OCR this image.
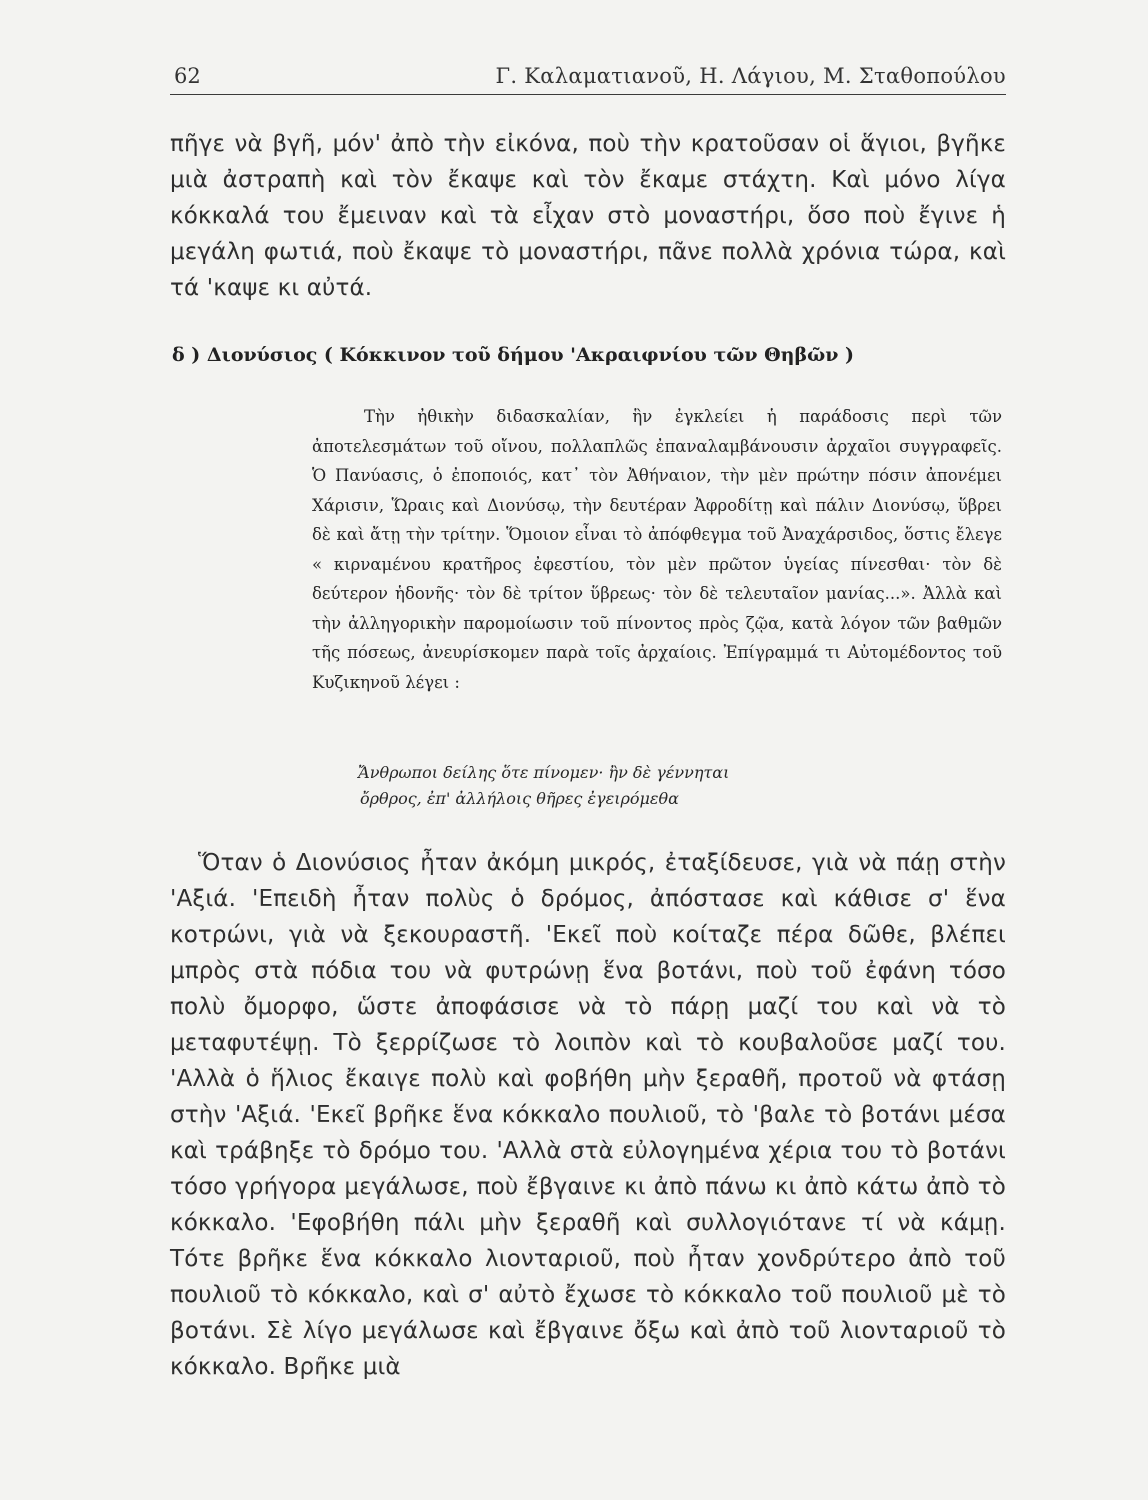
62	Γ. Καλαματιανοῦ, Η. Λάγιου, Μ. Σταθοπούλου

πῆγε νὰ βγῆ, μόν' ἀπὸ τὴν εἰκόνα, ποὺ τὴν κρατοῦσαν οἱ ἅγιοι, βγῆκε μιὰ ἀστραπὴ καὶ τὸν ἔκαψε καὶ τὸν ἔκαμε στάχτη. Καὶ μόνο λίγα κόκκαλά του ἔμειναν καὶ τὰ εἶχαν στὸ μοναστήρι, ὅσο ποὺ ἔγινε ἡ μεγάλη φωτιά, ποὺ ἔκαψε τὸ μοναστήρι, πᾶνε πολλὰ χρόνια τώρα, καὶ τά 'καψε κι αὐτά.

δ ) Διονύσιος ( Κόκκινον τοῦ δήμου 'Ακραιφνίου τῶν Θηβῶν )

Τὴν ἠθικὴν διδασκαλίαν, ἣν ἐγκλείει ἡ παράδοσις περὶ τῶν ἀποτελεσμάτων τοῦ οἴνου, πολλαπλῶς ἐπαναλαμβάνουσιν ἀρχαῖοι συγγραφεῖς. Ὁ Πανύασις, ὁ ἐποποιός, κατ᾽ τὸν Ἀθήναιον, τὴν μὲν πρώτην πόσιν ἀπονέμει Χάρισιν, Ὥραις καὶ Διονύσῳ, τὴν δευτέραν Ἀφροδίτῃ καὶ πάλιν Διονύσῳ, ὕβρει δὲ καὶ ἄτῃ τὴν τρίτην. Ὅμοιον εἶναι τὸ ἀπόφθεγμα τοῦ Ἀναχάρσιδος, ὅστις ἔλεγε « κιρναμένου κρατῆρος ἐφεστίου, τὸν μὲν πρῶτον ὑγείας πίνεσθαι· τὸν δὲ δεύτερον ἡδονῆς· τὸν δὲ τρίτον ὕβρεως· τὸν δὲ τελευταῖον μανίας...». Ἀλλὰ καὶ τὴν ἀλληγορικὴν παρομοίωσιν τοῦ πίνοντος πρὸς ζῷα, κατὰ λόγον τῶν βαθμῶν τῆς πόσεως, ἀνευρίσκομεν παρὰ τοῖς ἀρχαίοις. Ἐπίγραμμά τι Αὐτομέδοντος τοῦ Κυζικηνοῦ λέγει :

Ἄνθρωποι δείλης ὅτε πίνομεν· ἢν δὲ γέννηται
ὄρθρος, ἐπ' ἀλλήλοις θῆρες ἐγειρόμεθα

Ὅταν ὁ Διονύσιος ἦταν ἀκόμη μικρός, ἐταξίδευσε, γιὰ νὰ πάῃ στὴν 'Αξιά. 'Επειδὴ ἦταν πολὺς ὁ δρόμος, ἀπόστασε καὶ κάθισε σ' ἕνα κοτρώνι, γιὰ νὰ ξεκουραστῆ. 'Εκεῖ ποὺ κοίταζε πέρα δῶθε, βλέπει μπρὸς στὰ πόδια του νὰ φυτρώνῃ ἕνα βοτάνι, ποὺ τοῦ ἐφάνη τόσο πολὺ ὄμορφο, ὥστε ἀποφάσισε νὰ τὸ πάρῃ μαζί του καὶ νὰ τὸ μεταφυτέψῃ. Τὸ ξερρίζωσε τὸ λοιπὸν καὶ τὸ κουβαλοῦσε μαζί του. 'Αλλὰ ὁ ἥλιος ἔκαιγε πολὺ καὶ φοβήθη μὴν ξεραθῆ, προτοῦ νὰ φτάσῃ στὴν 'Αξιά. 'Εκεῖ βρῆκε ἕνα κόκκαλο πουλιοῦ, τὸ 'βαλε τὸ βοτάνι μέσα καὶ τράβηξε τὸ δρόμο του. 'Αλλὰ στὰ εὐλογημένα χέρια του τὸ βοτάνι τόσο γρήγορα μεγάλωσε, ποὺ ἔβγαινε κι ἀπὸ πάνω κι ἀπὸ κάτω ἀπὸ τὸ κόκκαλο. 'Εφοβήθη πάλι μὴν ξεραθῆ καὶ συλλογιότανε τί νὰ κάμῃ. Τότε βρῆκε ἕνα κόκκαλο λιονταριοῦ, ποὺ ἦταν χονδρύτερο ἀπὸ τοῦ πουλιοῦ τὸ κόκκαλο, καὶ σ' αὐτὸ ἔχωσε τὸ κόκκαλο τοῦ πουλιοῦ μὲ τὸ βοτάνι. Σὲ λίγο μεγάλωσε καὶ ἔβγαινε ὄξω καὶ ἀπὸ τοῦ λιονταριοῦ τὸ κόκκαλο. Βρῆκε μιὰ
